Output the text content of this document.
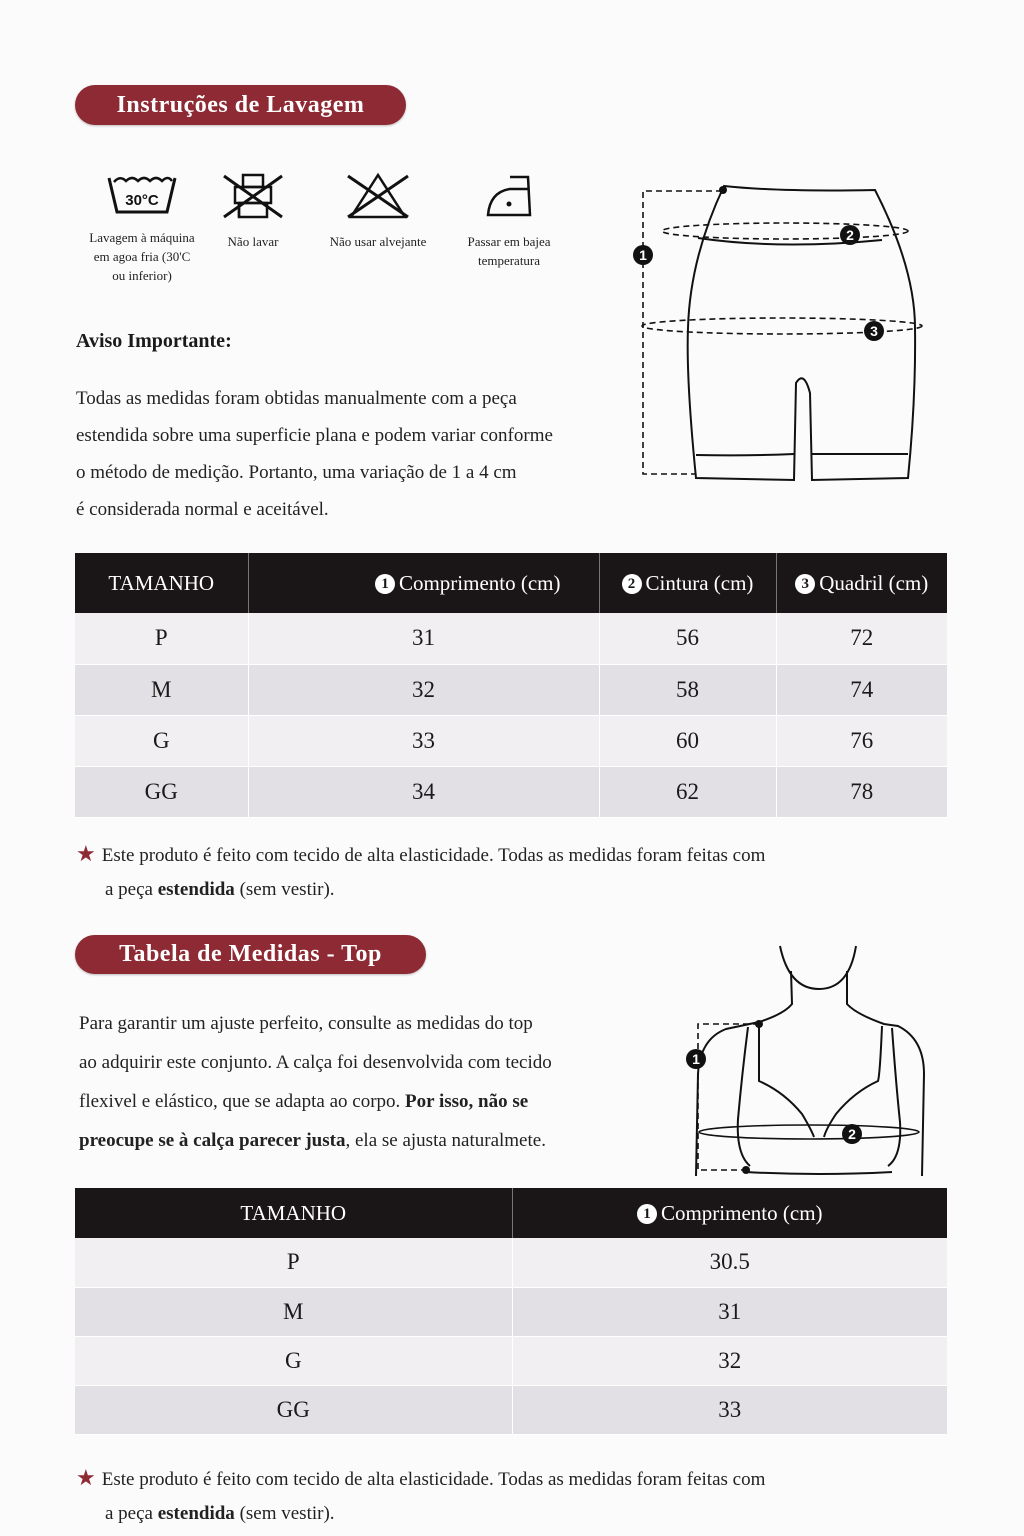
Instruções de Lavagem
30°C
Lavagem à máquina
em agoa fria (30'C
ou inferior)
Não lavar	Não usar alvejante	Passar em bajea
temperatura
Aviso Importante:
Todas as medidas foram obtidas manualmente com a peça
estendida sobre uma superficie plana e podem variar conforme
o método de medição. Portanto, uma variação de 1 a 4 cm
é considerada normal e aceitável.
1
2
3
TAMANHO	1 Comprimento (cm)	2 Cintura (cm)	3 Quadril (cm)
P	31	56	72
M	32	58	74
G	33	60	76
GG	34	62	78
★ Este produto é feito com tecido de alta elasticidade. Todas as medidas foram feitas com
a peça estendida (sem vestir).
Tabela de Medidas - Top
Para garantir um ajuste perfeito, consulte as medidas do top
ao adquirir este conjunto. A calça foi desenvolvida com tecido
flexivel e elástico, que se adapta ao corpo. Por isso, não se
preocupe se à calça parecer justa, ela se ajusta naturalmete.
1
2
TAMANHO	1 Comprimento (cm)
P	30.5
M	31
G	32
GG	33
★ Este produto é feito com tecido de alta elasticidade. Todas as medidas foram feitas com
a peça estendida (sem vestir).
